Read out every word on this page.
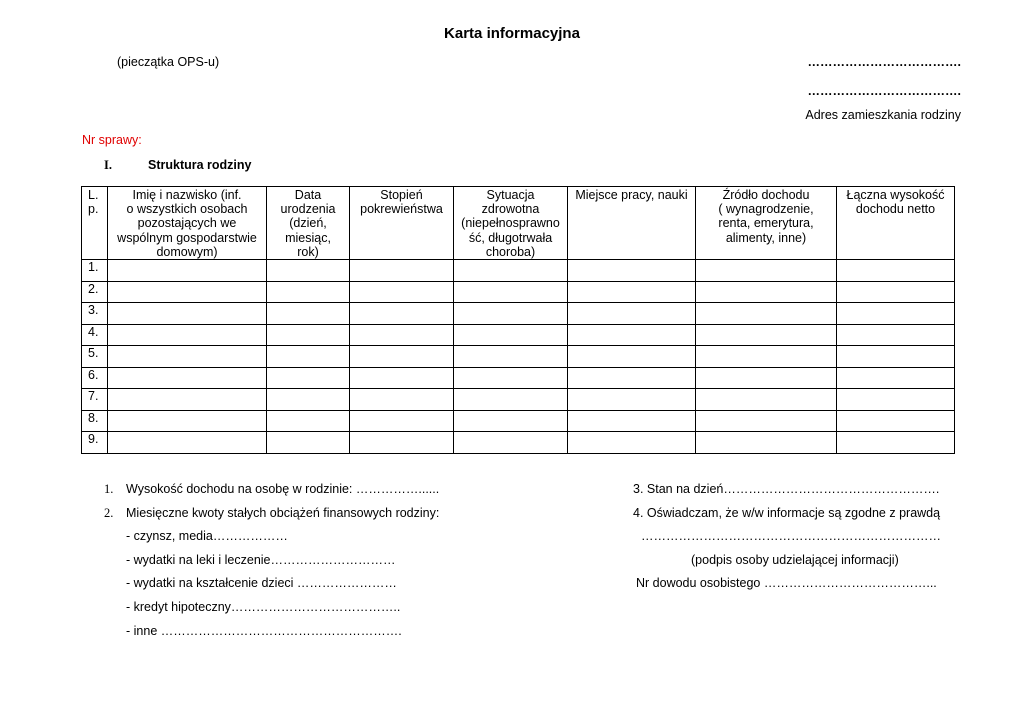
Karta informacyjna
(pieczątka OPS-u)	……………………………….
……………………………….
Adres zamieszkania rodziny
Nr sprawy:
I.	Struktura rodziny
L.
p.	Imię i nazwisko (inf.
o wszystkich osobach
pozostających we
wspólnym gospodarstwie
domowym)	Data
urodzenia
(dzień,
miesiąc,
rok)	Stopień
pokrewieństwa	Sytuacja
zdrowotna
(niepełnosprawno
ść, długotrwała
choroba)	Miejsce pracy, nauki	Źródło dochodu
( wynagrodzenie,
renta, emerytura,
alimenty, inne)	Łączna wysokość
dochodu netto
1.							
2.							
3.							
4.							
5.							
6.							
7.							
8.							
9.							
1. Wysokość dochodu na osobę w rodzinie: ……………......
2. Miesięczne kwoty stałych obciążeń finansowych rodziny:
- czynsz, media………………
- wydatki na leki i leczenie…………………………
- wydatki na kształcenie dzieci ……………………
- kredyt hipoteczny…………………………………..
- inne ………………………………………………….
3. Stan na dzień…………………………………………….
4. Oświadczam, że w/w informacje są zgodne z prawdą
………………………………………………………………
(podpis osoby udzielającej informacji)
Nr dowodu osobistego …………………………………...
